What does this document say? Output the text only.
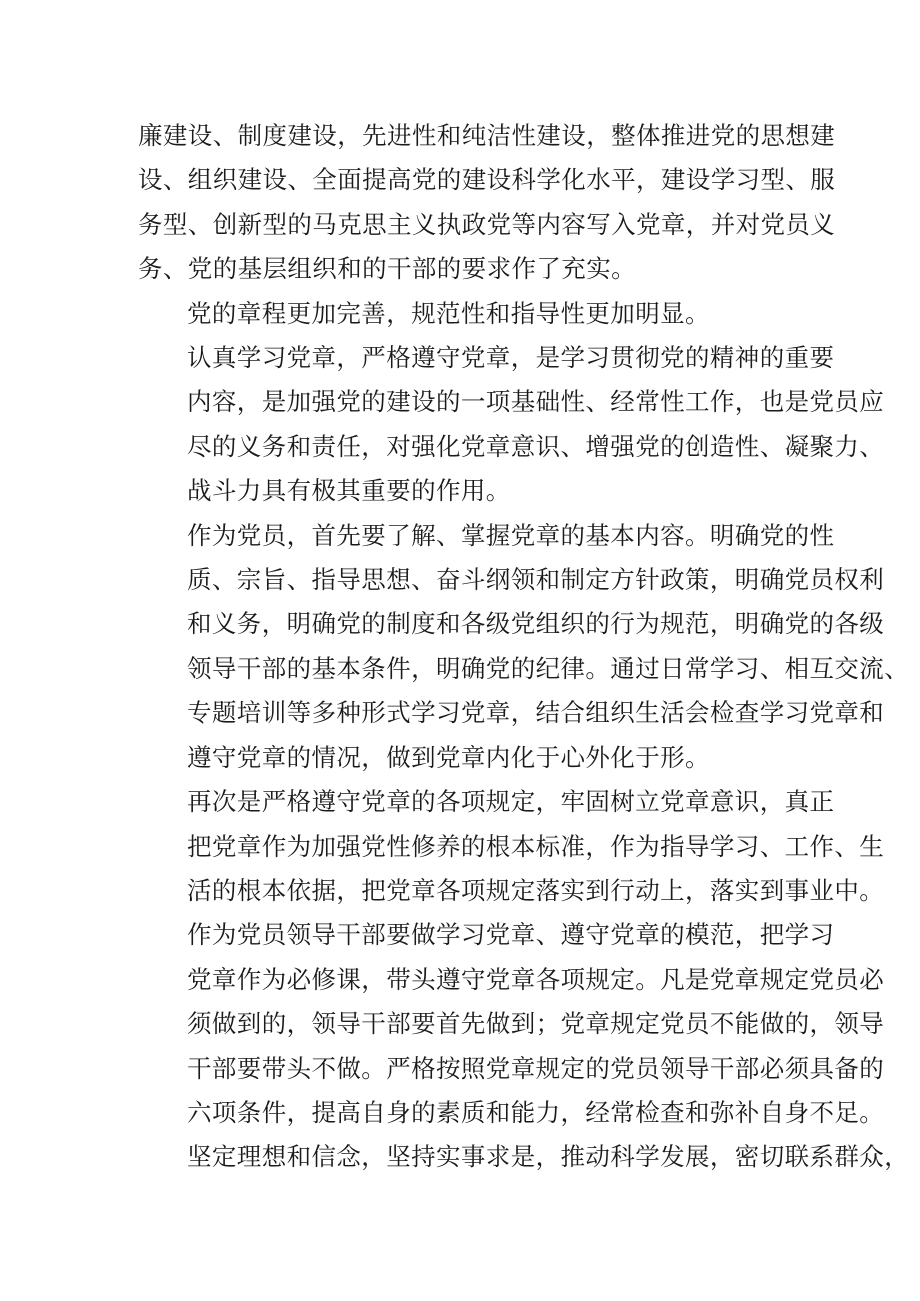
廉建设、制度建设，先进性和纯洁性建设，整体推进党的思想建
设、组织建设、全面提高党的建设科学化水平，建设学习型、服
务型、创新型的马克思主义执政党等内容写入党章，并对党员义
务、党的基层组织和的干部的要求作了充实。

党的章程更加完善，规范性和指导性更加明显。

认真学习党章，严格遵守党章，是学习贯彻党的精神的重要
内容，是加强党的建设的一项基础性、经常性工作，也是党员应
尽的义务和责任，对强化党章意识、增强党的创造性、凝聚力、
战斗力具有极其重要的作用。

作为党员，首先要了解、掌握党章的基本内容。明确党的性
质、宗旨、指导思想、奋斗纲领和制定方针政策，明确党员权利
和义务，明确党的制度和各级党组织的行为规范，明确党的各级
领导干部的基本条件，明确党的纪律。通过日常学习、相互交流、
专题培训等多种形式学习党章，结合组织生活会检查学习党章和
遵守党章的情况，做到党章内化于心外化于形。

再次是严格遵守党章的各项规定，牢固树立党章意识，真正
把党章作为加强党性修养的根本标准，作为指导学习、工作、生
活的根本依据，把党章各项规定落实到行动上，落实到事业中。

作为党员领导干部要做学习党章、遵守党章的模范，把学习
党章作为必修课，带头遵守党章各项规定。凡是党章规定党员必
须做到的，领导干部要首先做到；党章规定党员不能做的，领导
干部要带头不做。严格按照党章规定的党员领导干部必须具备的
六项条件，提高自身的素质和能力，经常检查和弥补自身不足。
坚定理想和信念，坚持实事求是，推动科学发展，密切联系群众，
